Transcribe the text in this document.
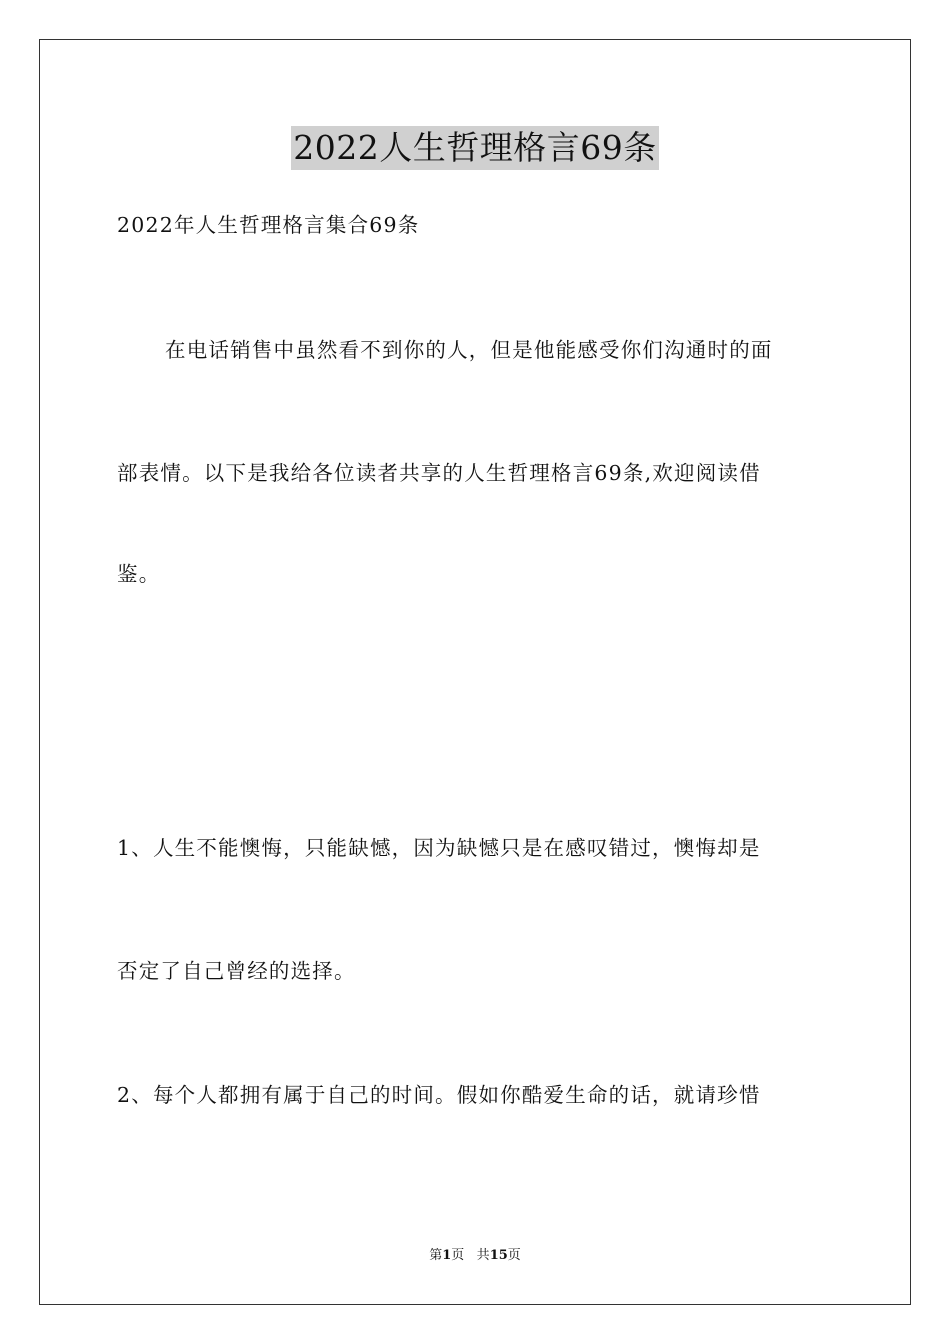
2022人生哲理格言69条
2022年人生哲理格言集合69条
在电话销售中虽然看不到你的人，但是他能感受你们沟通时的面
部表情。以下是我给各位读者共享的人生哲理格言69条,欢迎阅读借
鉴。
1、人生不能懊悔，只能缺憾，因为缺憾只是在感叹错过，懊悔却是
否定了自己曾经的选择。
2、每个人都拥有属于自己的时间。假如你酷爱生命的话，就请珍惜
第1页 共15页
